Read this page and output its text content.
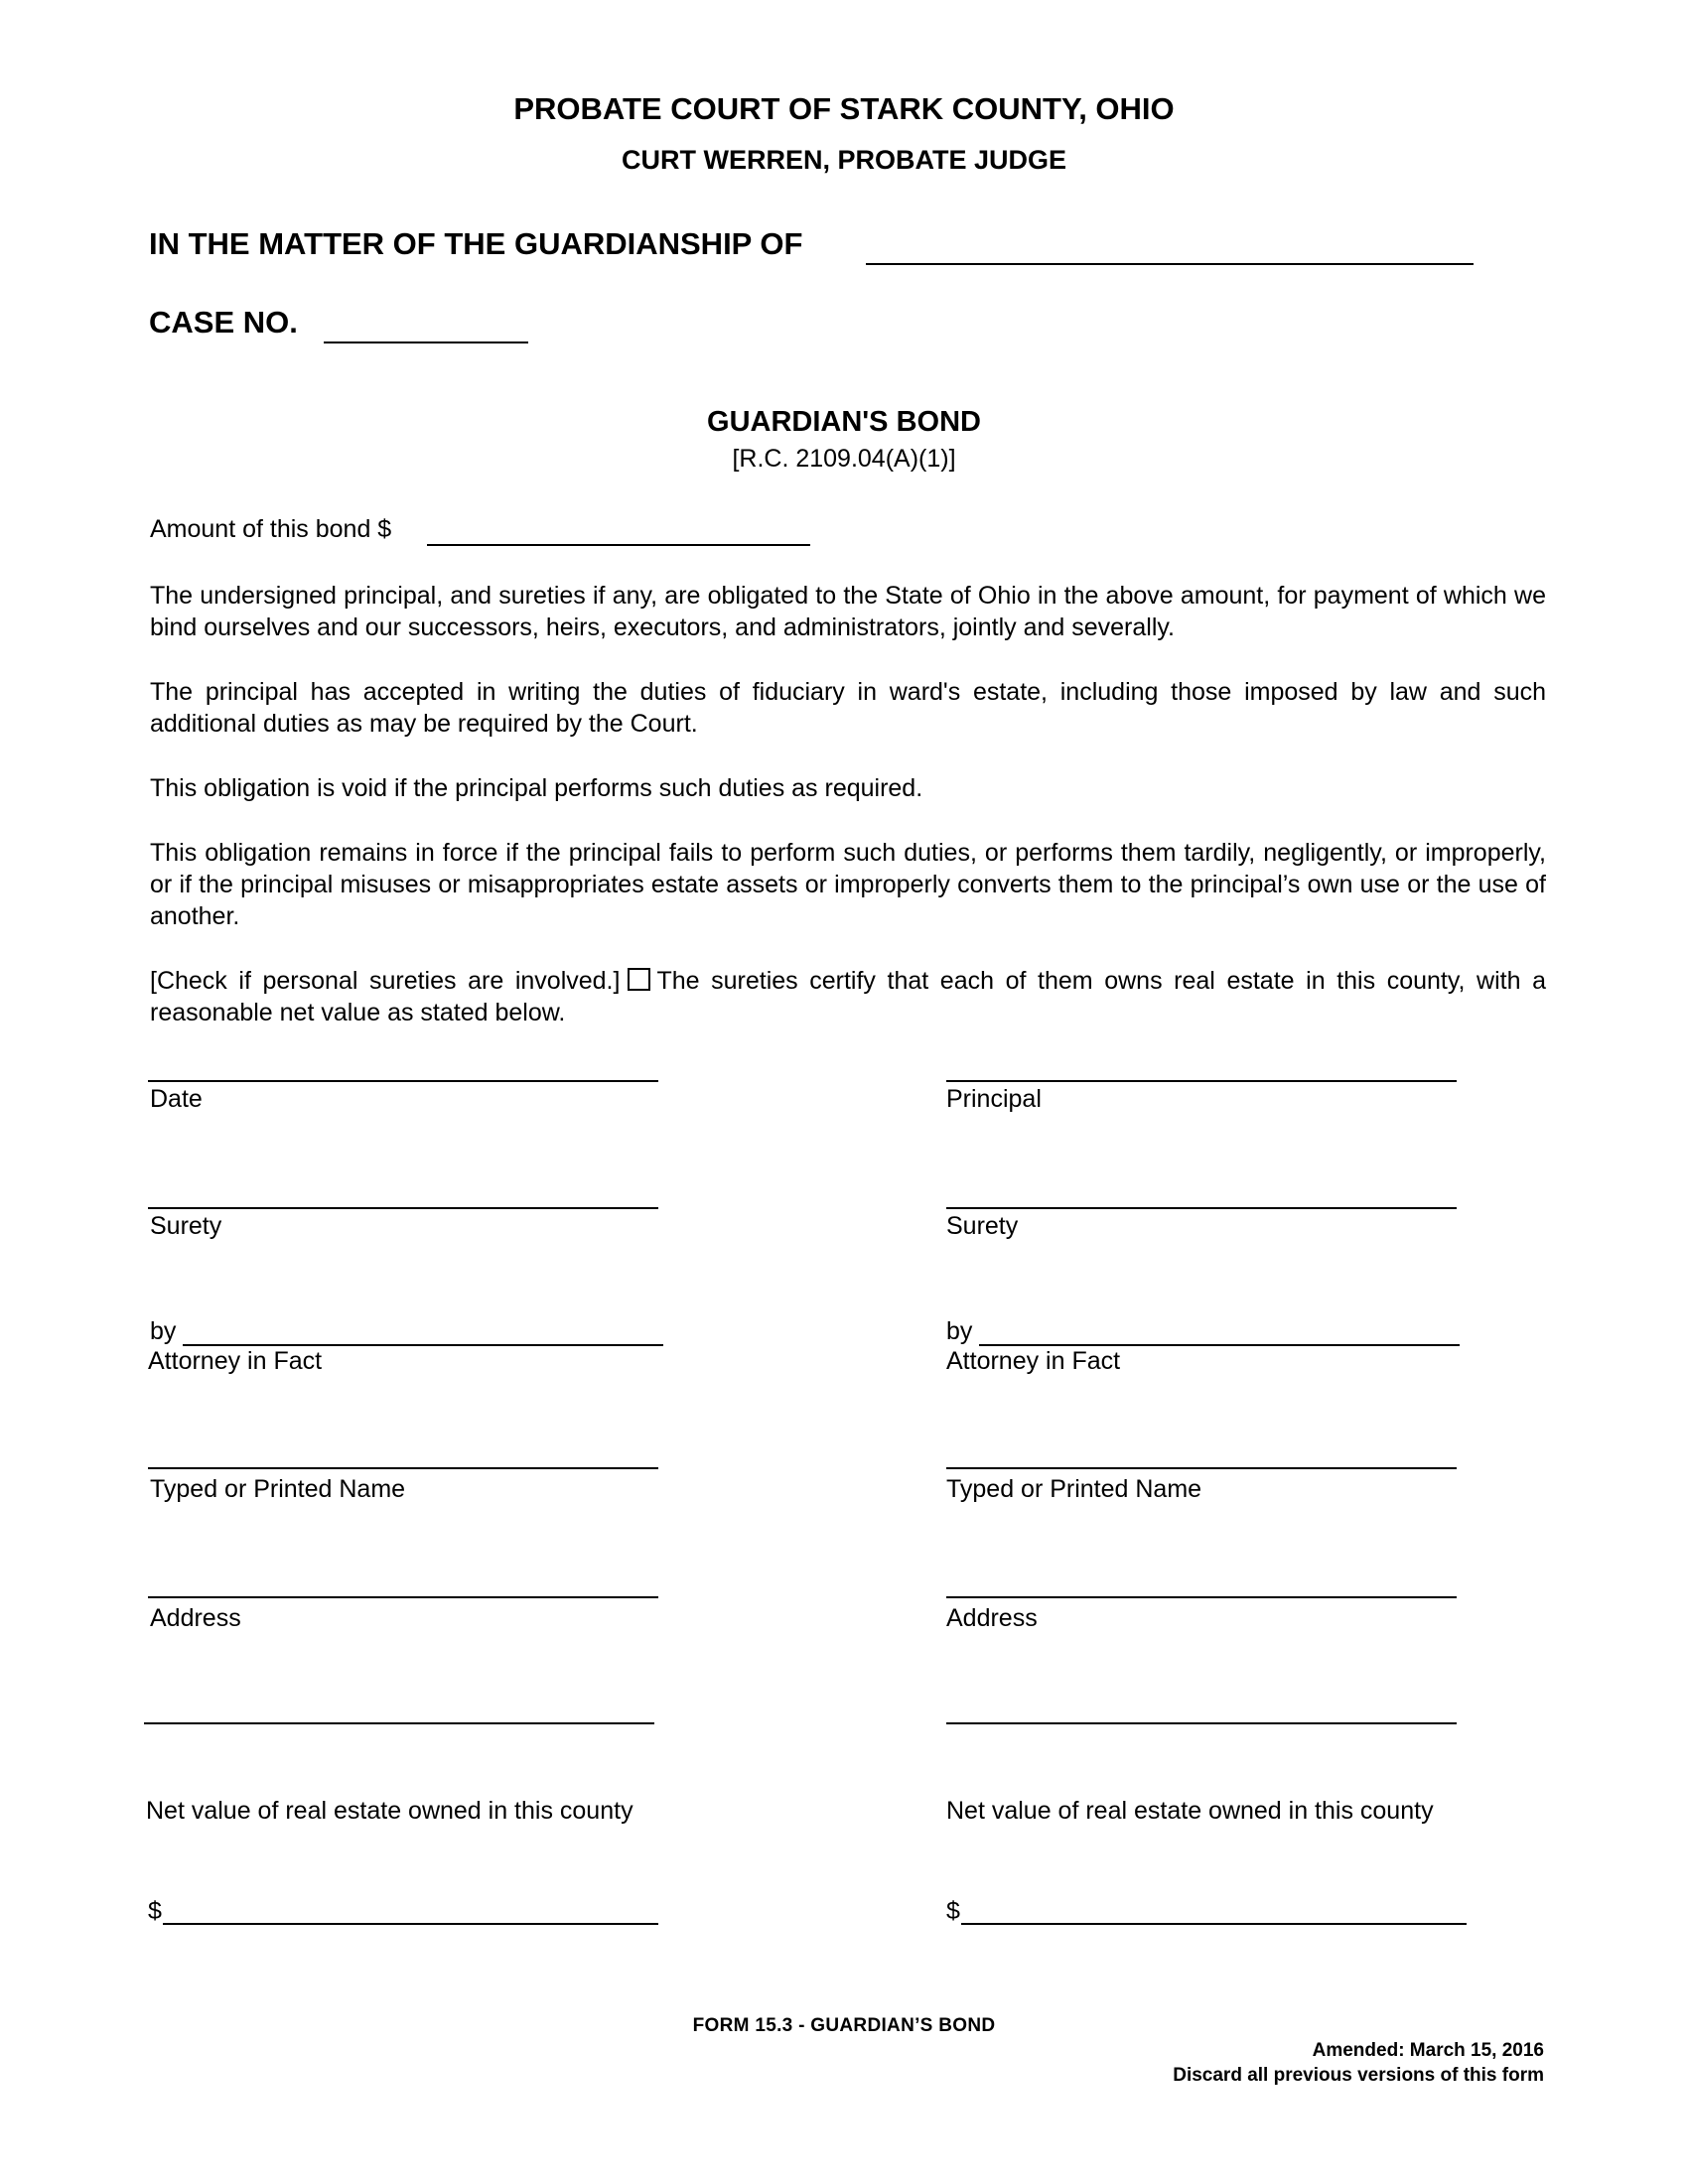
PROBATE COURT OF STARK COUNTY, OHIO
CURT WERREN, PROBATE JUDGE
IN THE MATTER OF THE GUARDIANSHIP OF
CASE NO.
GUARDIAN'S BOND
[R.C. 2109.04(A)(1)]
Amount of this bond $
The undersigned principal, and sureties if any, are obligated to the State of Ohio in the above amount, for payment of which we bind ourselves and our successors, heirs, executors, and administrators, jointly and severally.
The principal has accepted in writing the duties of fiduciary in ward's estate, including those imposed by law and such additional duties as may be required by the Court.
This obligation is void if the principal performs such duties as required.
This obligation remains in force if the principal fails to perform such duties, or performs them tardily, negligently, or improperly, or if the principal misuses or misappropriates estate assets or improperly converts them to the principal’s own use or the use of another.
[Check if personal sureties are involved.] The sureties certify that each of them owns real estate in this county, with a reasonable net value as stated below.
Date
Surety
by
Attorney in Fact
Typed or Printed Name
Address
Net value of real estate owned in this county
$
Principal
Surety
by
Attorney in Fact
Typed or Printed Name
Address
Net value of real estate owned in this county
$
FORM 15.3 - GUARDIAN’S BOND
Amended: March 15, 2016
Discard all previous versions of this form
